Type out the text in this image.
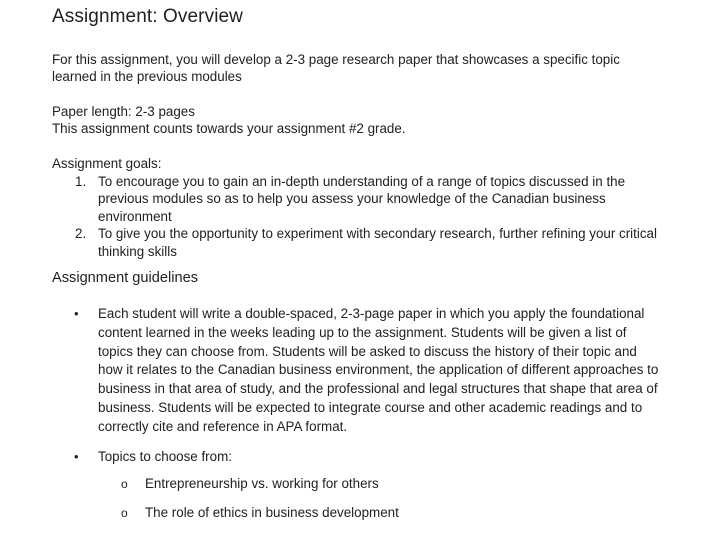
Assignment: Overview

For this assignment, you will develop a 2-3 page research paper that showcases a specific topic learned in the previous modules

Paper length: 2-3 pages

This assignment counts towards your assignment #2 grade.

Assignment goals:

1. To encourage you to gain an in-depth understanding of a range of topics discussed in the previous modules so as to help you assess your knowledge of the Canadian business environment
2. To give you the opportunity to experiment with secondary research, further refining your critical thinking skills
Assignment guidelines
• Each student will write a double-spaced, 2-3-page paper in which you apply the foundational content learned in the weeks leading up to the assignment. Students will be given a list of topics they can choose from. Students will be asked to discuss the history of their topic and how it relates to the Canadian business environment, the application of different approaches to business in that area of study, and the professional and legal structures that shape that area of business. Students will be expected to integrate course and other academic readings and to correctly cite and reference in APA format.
• Topics to choose from:
o Entrepreneurship vs. working for others
o The role of ethics in business development
